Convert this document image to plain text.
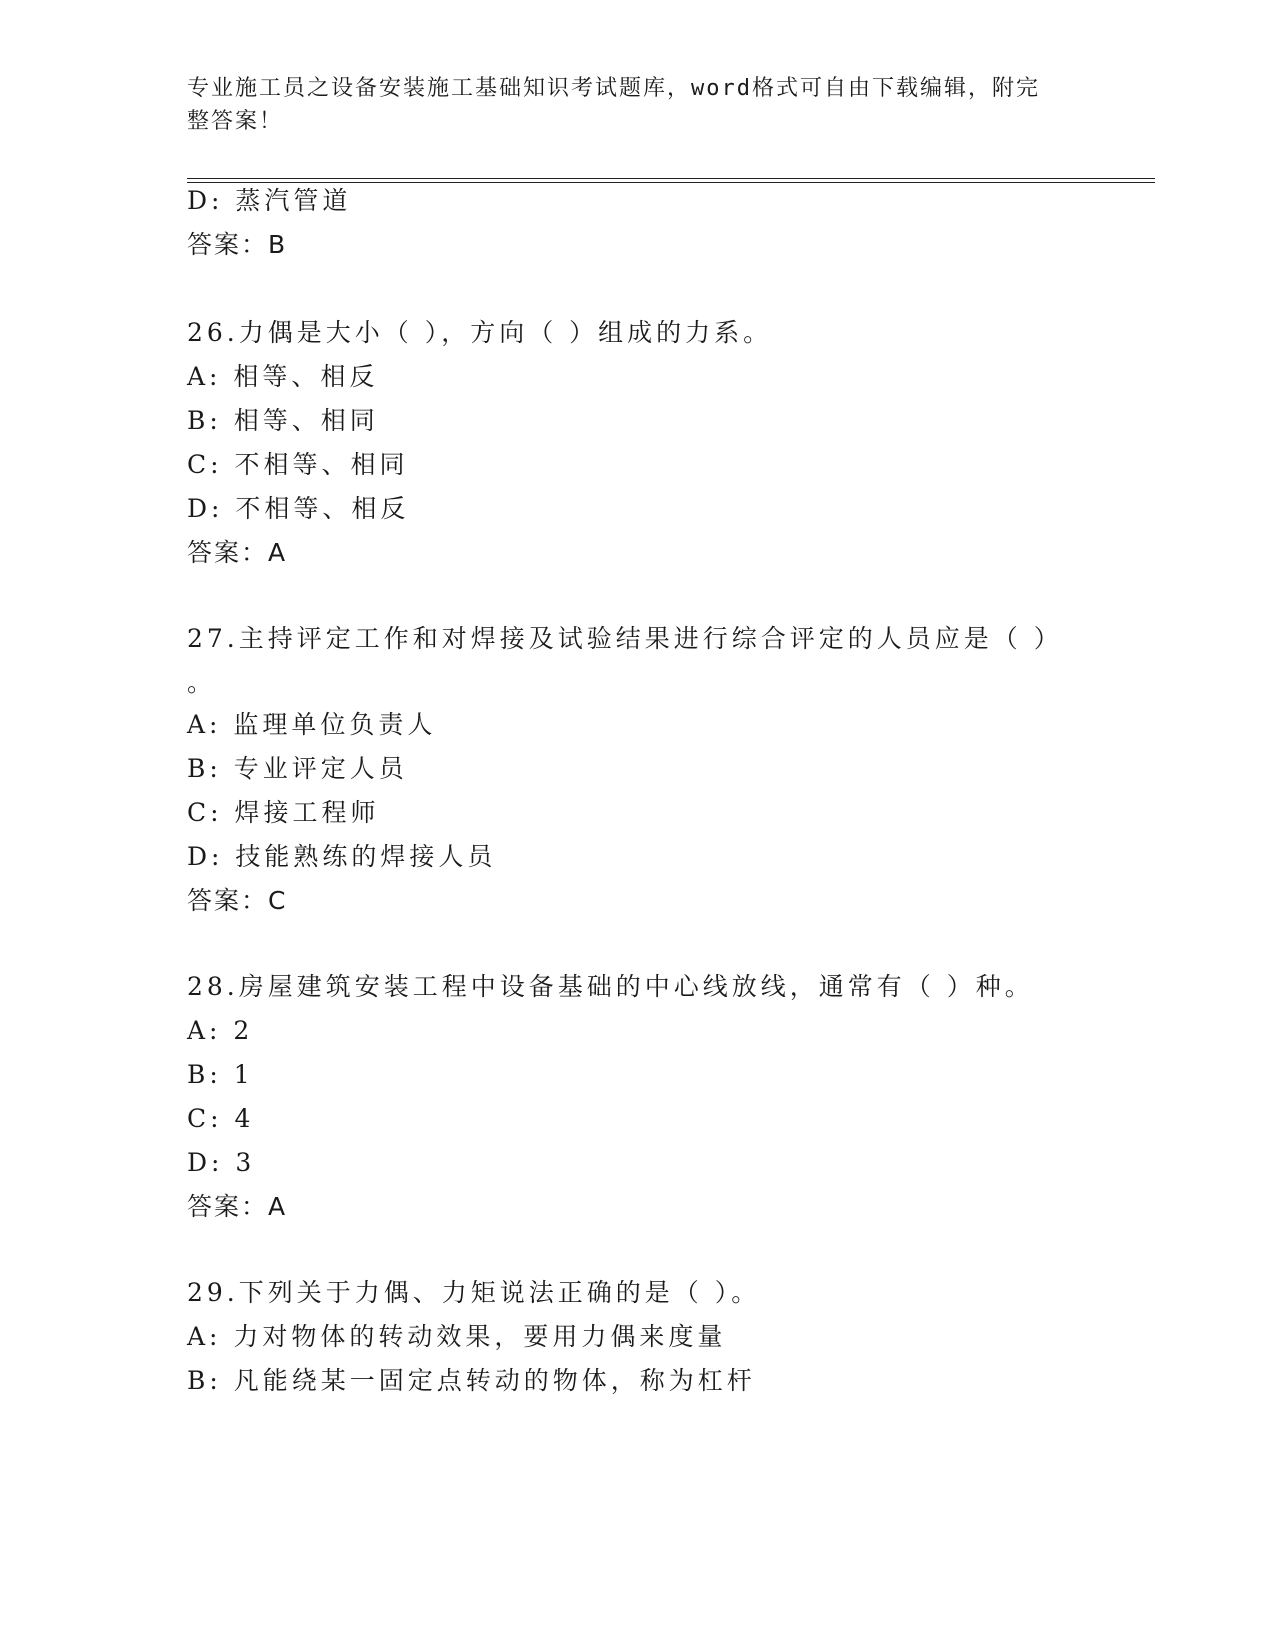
专业施工员之设备安装施工基础知识考试题库，word格式可自由下载编辑，附完
整答案！
D: 蒸汽管道
答案：B
26.力偶是大小（ ），方向（ ）组成的力系。
A: 相等、相反
B: 相等、相同
C: 不相等、相同
D: 不相等、相反
答案：A
27.主持评定工作和对焊接及试验结果进行综合评定的人员应是（ ）
。
A: 监理单位负责人
B: 专业评定人员
C: 焊接工程师
D: 技能熟练的焊接人员
答案：C
28.房屋建筑安装工程中设备基础的中心线放线，通常有（ ）种。
A: 2
B: 1
C: 4
D: 3
答案：A
29.下列关于力偶、力矩说法正确的是（ ）。
A: 力对物体的转动效果，要用力偶来度量
B: 凡能绕某一固定点转动的物体，称为杠杆
